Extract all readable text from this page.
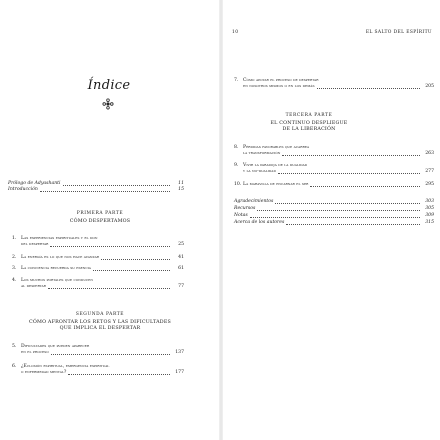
Índice
Prólogo de Adyashanti	11
Introducción	15
PRIMERA PARTE
CÓMO DESPERTAMOS
1.	Las experiencias espirituales y el don
del despertar	25
2.	La energía es lo que nos hace avanzar	41
3.	La conciencia recuerda su esencia	61
4.	Los muchos portales que conducen
al despertar	77
SEGUNDA PARTE
CÓMO AFRONTAR LOS RETOS Y LAS DIFICULTADES
QUE IMPLICA EL DESPERTAR
5.	Dificultades que pueden aparecer
en el proceso	137
6.	¿Eclosión espiritual, emergencia espiritual
o enfermedad mental?	177
10	EL SALTO DEL ESPÍRITU
7.	Cómo apoyar el proceso de despertar
en nosotros mismos o en los demás	205
TERCERA PARTE
EL CONTINUO DESPLIEGUE
DE LA LIBERACIÓN
8.	Pérdidas favorables que acarrea
la transformación	263
9.	Vivir la paradoja de la dualidad
y la no-dualidad	277
10. La maravilla de encarnar el ser	295
Agradecimientos	303
Recursos	305
Notas	309
Acerca de los autores	315
